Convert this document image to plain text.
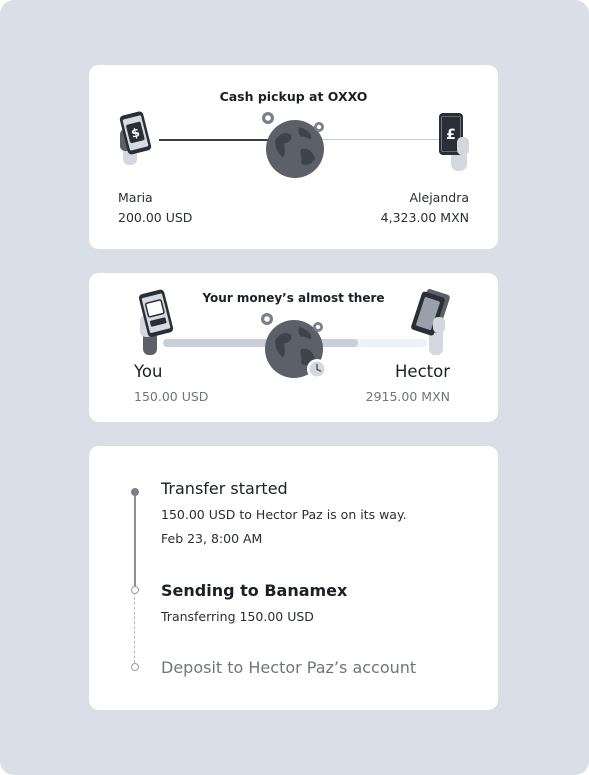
Cash pickup at OXXO
$	£
Maria
200.00 USD
Alejandra
4,323.00 MXN
Your money’s almost there
You
150.00 USD
Hector
2915.00 MXN
Transfer started
150.00 USD to Hector Paz is on its way.
Feb 23, 8:00 AM
Sending to Banamex
Transferring 150.00 USD
Deposit to Hector Paz’s account
